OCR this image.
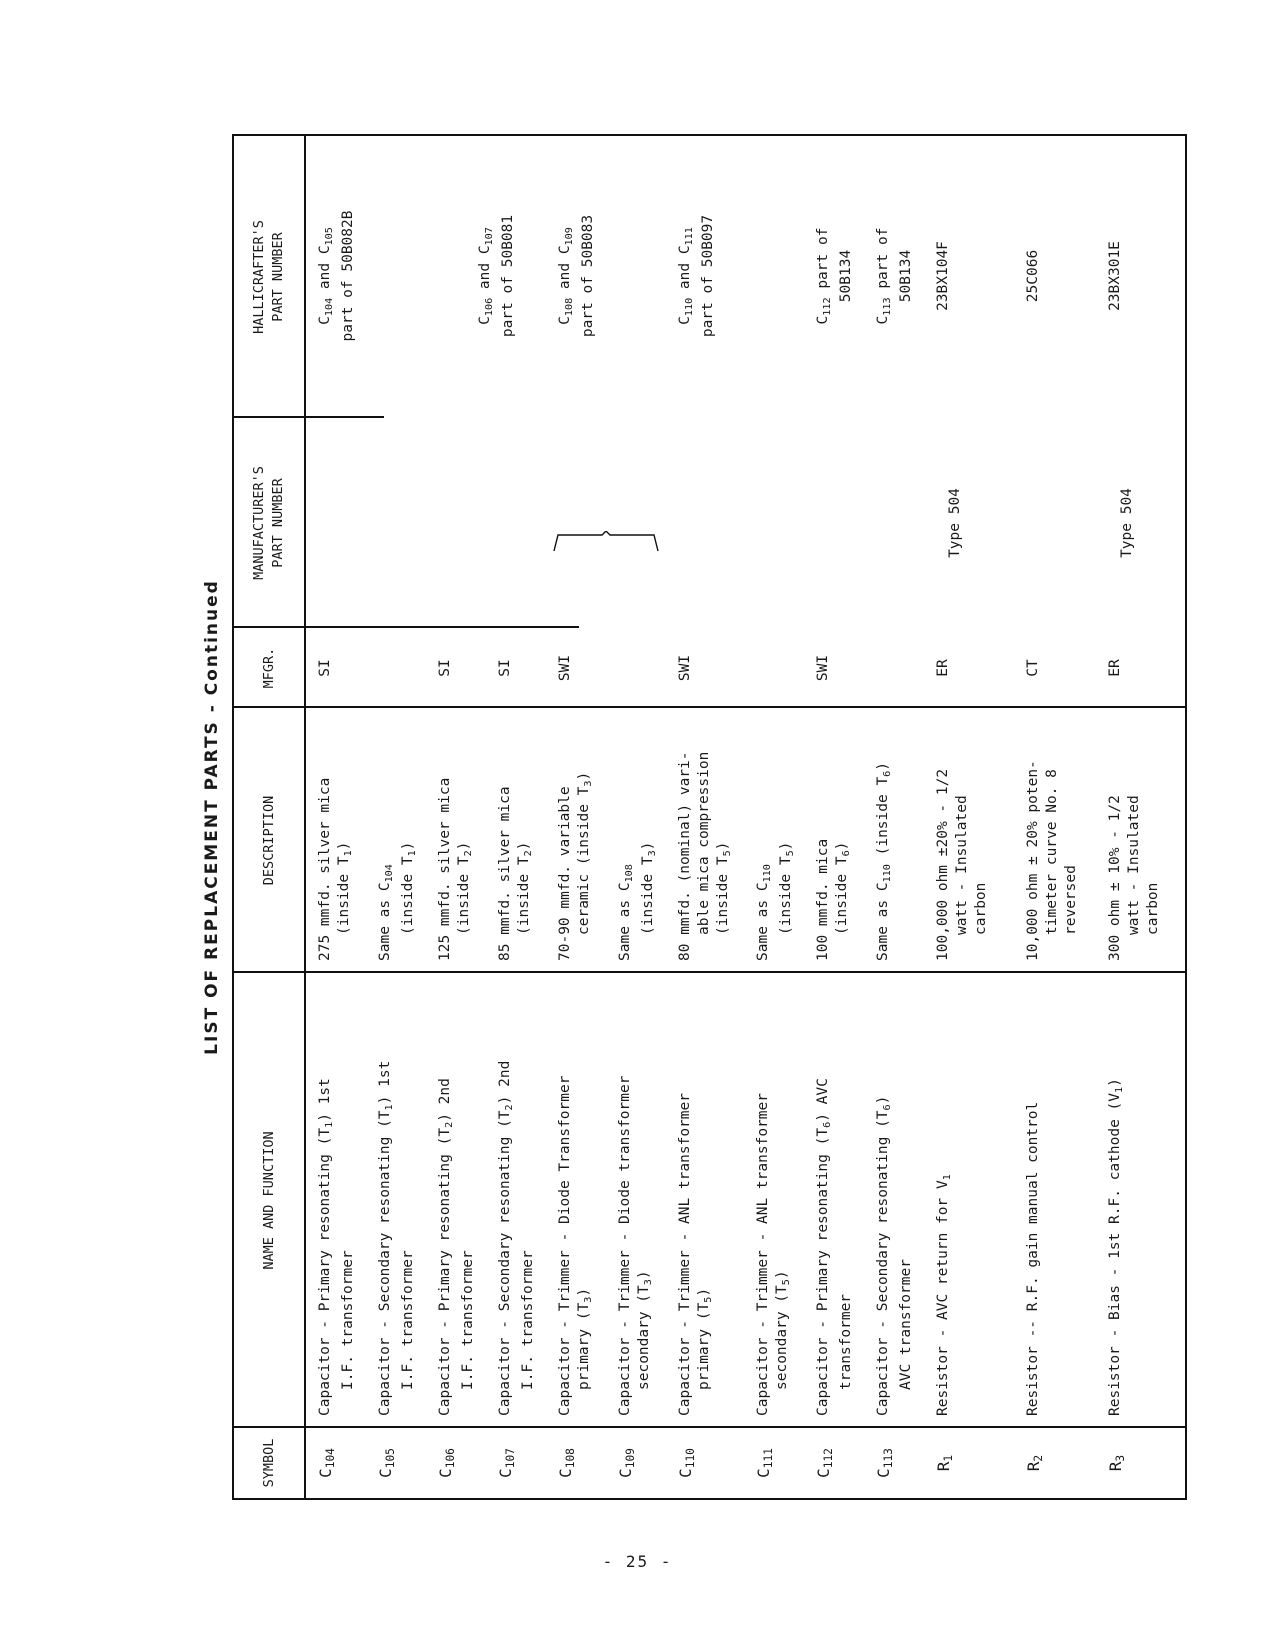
LIST OF REPLACEMENT PARTS - Continued
SYMBOL
NAME AND FUNCTION
DESCRIPTION
MFGR.
MANUFACTURER'S PART NUMBER
HALLICRAFTER'S PART NUMBER
$C_{104}$
Capacitor - Primary resonating $(T_1)$ 1st
I.F. transformer
275 mmfd. silver mica (inside $T_1$)
SI
$C_{104}$ and $C_{105}$ part of 50B082B
$C_{105}$
Capacitor - Secondary resonating $(T_1)$ 1st
I.F. transformer
Same as $C_{104}$ (inside $T_1$)
$C_{106}$
Capacitor - Primary resonating $(T_2)$ 2nd
I.F. transformer
125 mmfd. silver mica (inside $T_2$)
SI
$C_{106}$ and $C_{107}$ part of 50B081
$C_{107}$
Capacitor - Secondary resonating $(T_2)$ 2nd
I.F. transformer
85 mmfd. silver mica (inside $T_2$)
SI
$C_{108}$
Capacitor - Trimmer - Diode Transformer primary $(T_3)$
70-90 mmfd. variable ceramic (inside $T_3$)
SWI
$C_{108}$ and $C_{109}$ part of 50B083
$C_{109}$
Capacitor - Trimmer - Diode transformer secondary $(T_3)$
Same as $C_{108}$ (inside $T_3$)
$C_{110}$
Capacitor - Trimmer - ANL transformer primary $(T_5)$
80 mmfd. (nominal) vari- able mica compression (inside $T_5$)
SWI
$C_{110}$ and $C_{111}$ part of 50B097
$C_{111}$
Capacitor - Trimmer - ANL transformer secondary $(T_5)$
Same as $C_{110}$ (inside $T_5$)
$C_{112}$
Capacitor - Primary resonating $(T_6)$ AVC
transformer
100 mmfd. mica (inside $T_6$)
SWI
$C_{112}$ part of 50B134
$C_{113}$
Capacitor - Secondary resonating $(T_6)$
AVC transformer
Same as $C_{110}$ (inside $T_6$)
$C_{113}$ part of 50B134
$R_1$
Resistor - AVC return for $V_1$
100,000 ohm ±20% - 1/2 watt - Insulated carbon
ER
Type 504
23BX104F
$R_2$
Resistor -- R.F. gain manual control
10,000 ohm ± 20% poten- timeter curve No. 8 reversed
CT
25C066
$R_3$
Resistor - Bias - 1st R.F. cathode $(V_1)$
300 ohm ± 10% - 1/2 watt - Insulated carbon
ER
Type 504
23BX301E
- 25 -
